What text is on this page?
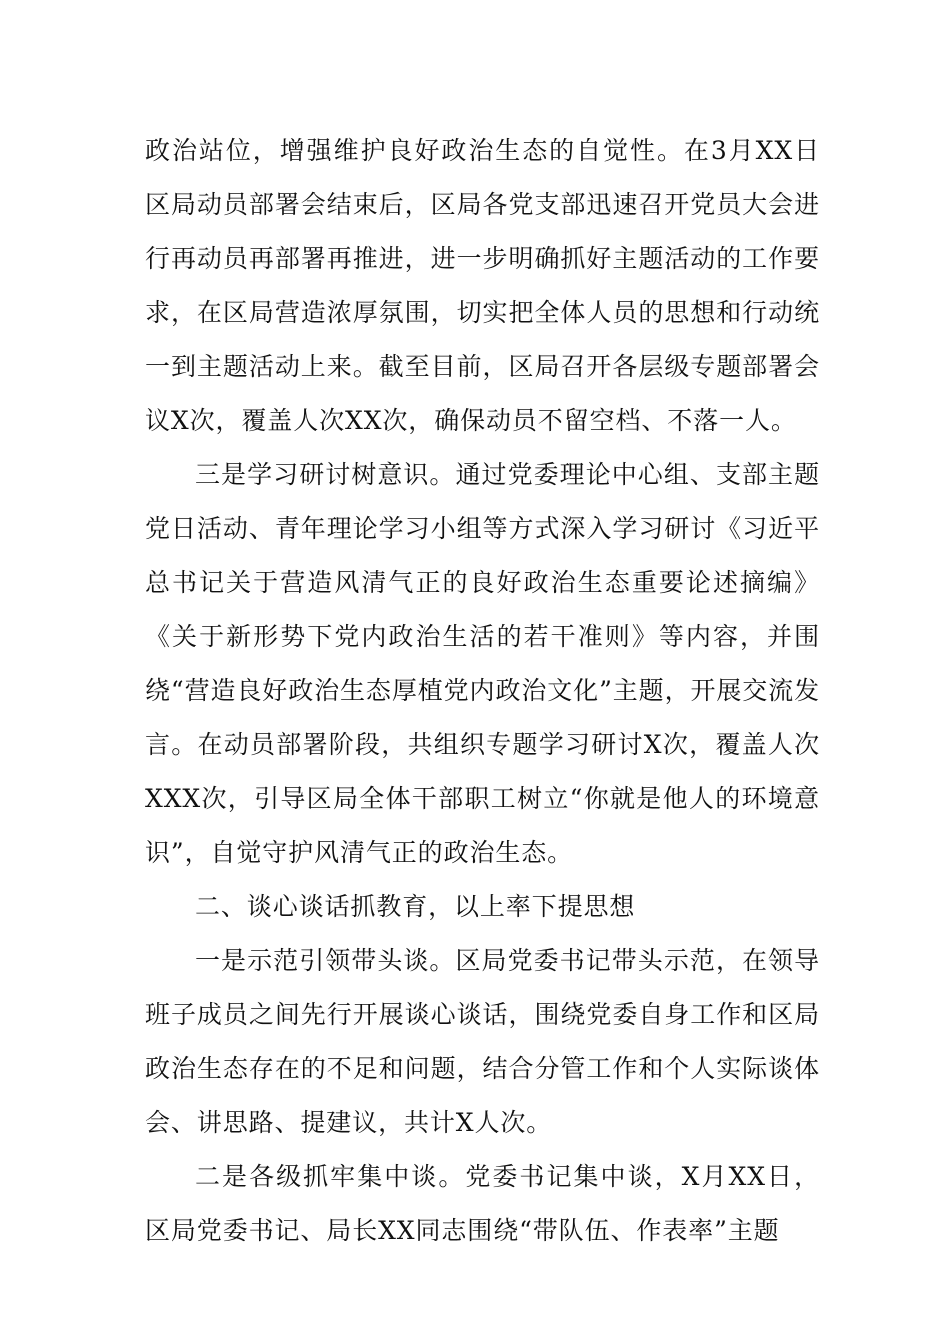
政治站位，增强维护良好政治生态的自觉性。在3月XX日区局动员部署会结束后，区局各党支部迅速召开党员大会进行再动员再部署再推进，进一步明确抓好主题活动的工作要求，在区局营造浓厚氛围，切实把全体人员的思想和行动统一到主题活动上来。截至目前，区局召开各层级专题部署会议X次，覆盖人次XX次，确保动员不留空档、不落一人。

三是学习研讨树意识。通过党委理论中心组、支部主题党日活动、青年理论学习小组等方式深入学习研讨《习近平总书记关于营造风清气正的良好政治生态重要论述摘编》《关于新形势下党内政治生活的若干准则》等内容，并围绕“营造良好政治生态厚植党内政治文化”主题，开展交流发言。在动员部署阶段，共组织专题学习研讨X次，覆盖人次XXX次，引导区局全体干部职工树立“你就是他人的环境意识”，自觉守护风清气正的政治生态。

二、谈心谈话抓教育，以上率下提思想

一是示范引领带头谈。区局党委书记带头示范，在领导班子成员之间先行开展谈心谈话，围绕党委自身工作和区局政治生态存在的不足和问题，结合分管工作和个人实际谈体会、讲思路、提建议，共计X人次。

二是各级抓牢集中谈。党委书记集中谈，X月XX日，区局党委书记、局长XX同志围绕“带队伍、作表率”主题
